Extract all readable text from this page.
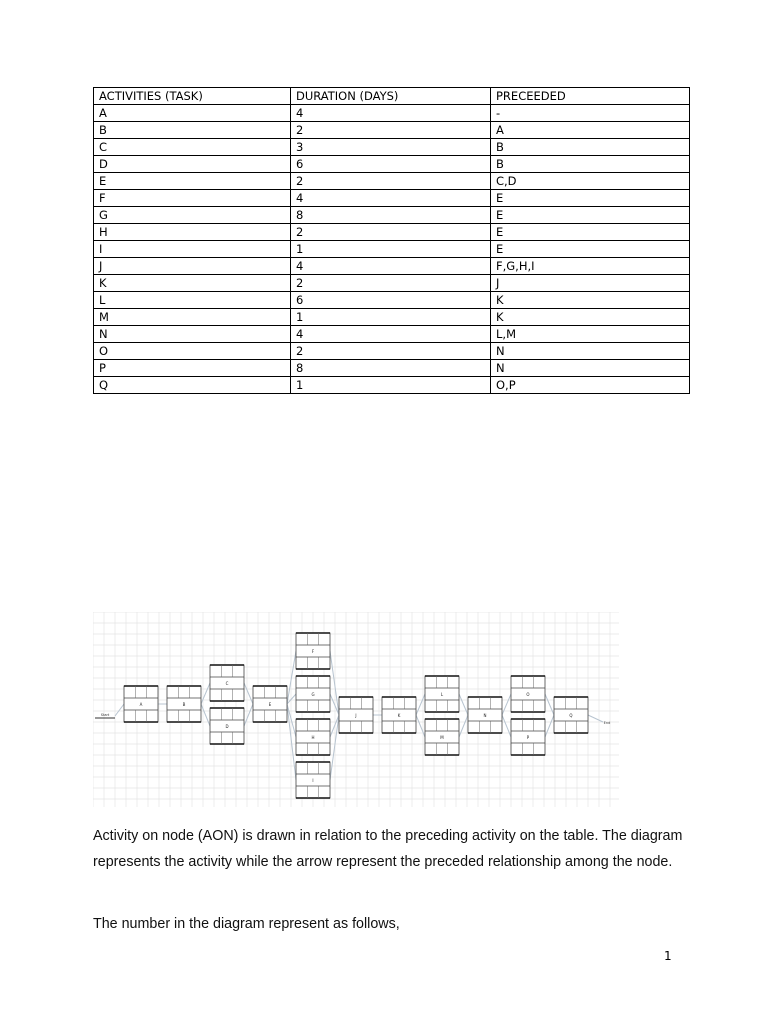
ACTIVITIES (TASK)	DURATION (DAYS)	PRECEEDED
A	4	-
B	2	A
C	3	B
D	6	B
E	2	C,D
F	4	E
G	8	E
H	2	E
I	1	E
J	4	F,G,H,I
K	2	J
L	6	K
M	1	K
N	4	L,M
O	2	N
P	8	N
Q	1	O,P
Start
End
A	B
C
D
E
F
G
H
I
J	K
L
M
N
O
P
Q

Activity on node (AON) is drawn in relation to the preceding activity on the table. The diagram represents the activity while the arrow represent the preceded relationship among the node.

The number in the diagram represent as follows,

1
